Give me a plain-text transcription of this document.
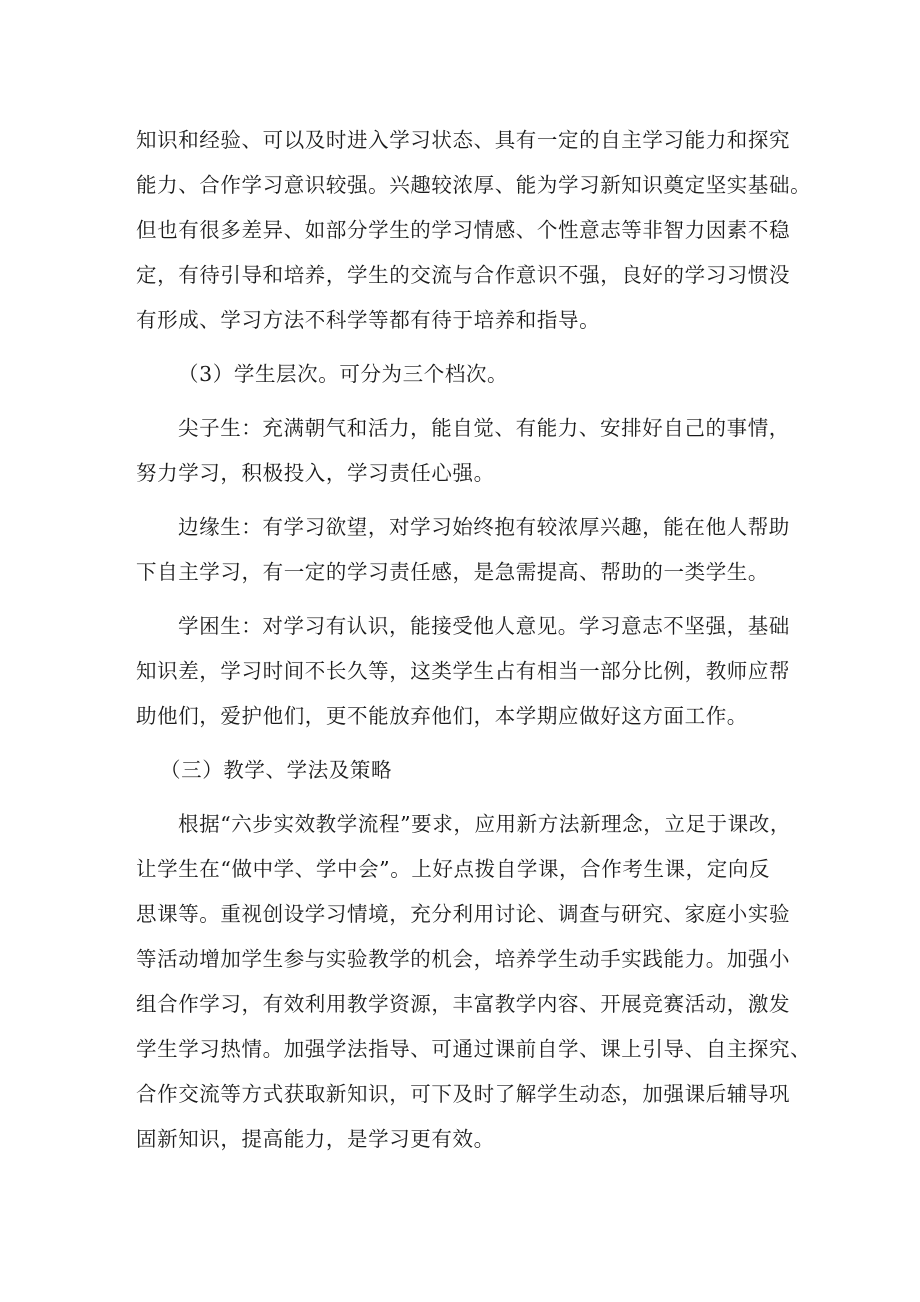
知识和经验、可以及时进入学习状态、具有一定的自主学习能力和探究
能力、合作学习意识较强。兴趣较浓厚、能为学习新知识奠定坚实基础。
但也有很多差异、如部分学生的学习情感、个性意志等非智力因素不稳
定，有待引导和培养，学生的交流与合作意识不强，良好的学习习惯没
有形成、学习方法不科学等都有待于培养和指导。
（3）学生层次。可分为三个档次。
尖子生：充满朝气和活力，能自觉、有能力、安排好自己的事情，
努力学习，积极投入，学习责任心强。
边缘生：有学习欲望，对学习始终抱有较浓厚兴趣，能在他人帮助
下自主学习，有一定的学习责任感，是急需提高、帮助的一类学生。
学困生：对学习有认识，能接受他人意见。学习意志不坚强，基础
知识差，学习时间不长久等，这类学生占有相当一部分比例，教师应帮
助他们，爱护他们，更不能放弃他们，本学期应做好这方面工作。
（三）教学、学法及策略
根据“六步实效教学流程”要求，应用新方法新理念，立足于课改，
让学生在“做中学、学中会”。上好点拨自学课，合作考生课，定向反
思课等。重视创设学习情境，充分利用讨论、调查与研究、家庭小实验
等活动增加学生参与实验教学的机会，培养学生动手实践能力。加强小
组合作学习，有效利用教学资源，丰富教学内容、开展竞赛活动，激发
学生学习热情。加强学法指导、可通过课前自学、课上引导、自主探究、
合作交流等方式获取新知识，可下及时了解学生动态，加强课后辅导巩
固新知识，提高能力，是学习更有效。
